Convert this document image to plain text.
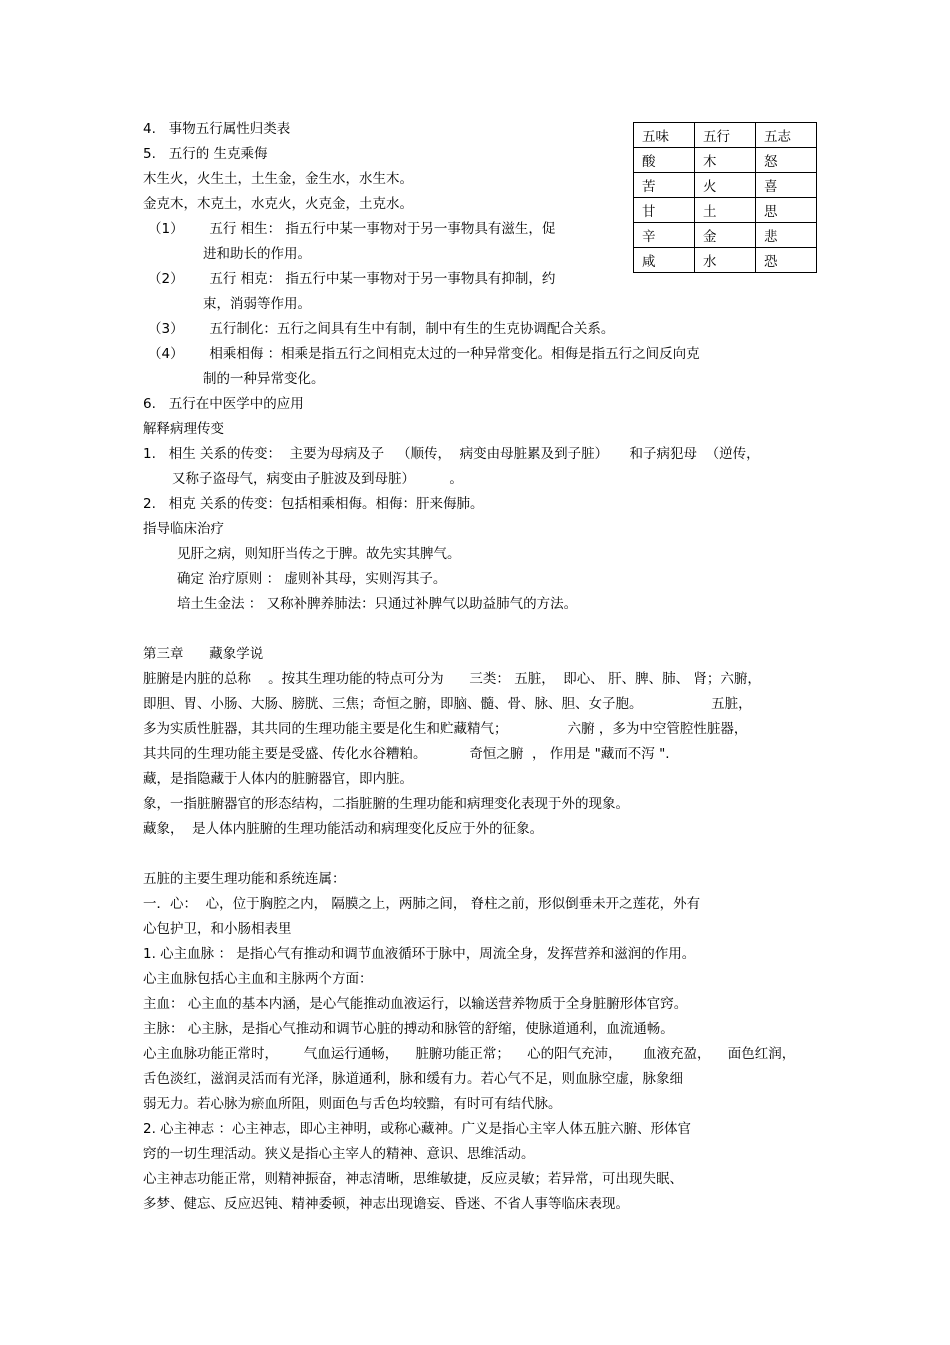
五味	五行	五志
酸	木	怒
苦	火	喜
甘	土	思
辛	金	悲
咸	水	恐
4.   事物五行属性归类表
5.   五行的 生克乘侮
木生火，火生土，土生金，金生水，水生木。
金克木，木克土，水克火，火克金，土克水。
（1）      五行 相生： 指五行中某一事物对于另一事物具有滋生，促
进和助长的作用。
（2）      五行 相克： 指五行中某一事物对于另一事物具有抑制，约
束，消弱等作用。
（3）      五行制化：五行之间具有生中有制，制中有生的生克协调配合关系。
（4）      相乘相侮 ：相乘是指五行之间相克太过的一种异常变化。相侮是指五行之间反向克
制的一种异常变化。
6.   五行在中医学中的应用
解释病理传变
1.   相生 关系的传变：  主要为母病及子   （顺传，  病变由母脏累及到子脏）     和子病犯母  （逆传，
又称子盗母气，病变由子脏波及到母脏）        。
2.   相克 关系的传变：包括相乘相侮。相侮：肝来侮肺。
指导临床治疗
见肝之病，则知肝当传之于脾。故先实其脾气。
确定 治疗原则 ： 虚则补其母，实则泻其子。
培土生金法 ： 又称补脾养肺法：只通过补脾气以助益肺气的方法。
第三章      藏象学说
脏腑是内脏的总称    。按其生理功能的特点可分为      三类： 五脏，  即心、 肝、脾、肺、 肾；六腑，
即胆、胃、小肠、大肠、膀胱、三焦；奇恒之腑，即脑、髓、骨、脉、胆、女子胞。                五脏，
多为实质性脏器，其共同的生理功能主要是化生和贮藏精气；              六腑 ，多为中空管腔性脏器，
其共同的生理功能主要是受盛、传化水谷糟粕。          奇恒之腑  ， 作用是 "藏而不泻 ".
藏，是指隐藏于人体内的脏腑器官，即内脏。
象，一指脏腑器官的形态结构，二指脏腑的生理功能和病理变化表现于外的现象。
藏象，  是人体内脏腑的生理功能活动和病理变化反应于外的征象。
五脏的主要生理功能和系统连属：
一．心：  心，位于胸腔之内， 隔膜之上，两肺之间， 脊柱之前，形似倒垂未开之莲花，外有
心包护卫，和小肠相表里
1. 心主血脉 ： 是指心气有推动和调节血液循环于脉中，周流全身，发挥营养和滋润的作用。
心主血脉包括心主血和主脉两个方面：
主血： 心主血的基本内涵，是心气能推动血液运行，以输送营养物质于全身脏腑形体官窍。
主脉： 心主脉，是指心气推动和调节心脏的搏动和脉管的舒缩，使脉道通利，血流通畅。
心主血脉功能正常时，      气血运行通畅，    脏腑功能正常；    心的阳气充沛，     血液充盈，    面色红润，
舌色淡红，滋润灵活而有光泽，脉道通利，脉和缓有力。若心气不足，则血脉空虚，脉象细
弱无力。若心脉为瘀血所阻，则面色与舌色均较黯，有时可有结代脉。
2. 心主神志 ：心主神志，即心主神明，或称心藏神。广义是指心主宰人体五脏六腑、形体官
窍的一切生理活动。狭义是指心主宰人的精神、意识、思维活动。
心主神志功能正常，则精神振奋，神志清晰，思维敏捷，反应灵敏；若异常，可出现失眠、
多梦、健忘、反应迟钝、精神委顿，神志出现谵妄、昏迷、不省人事等临床表现。
